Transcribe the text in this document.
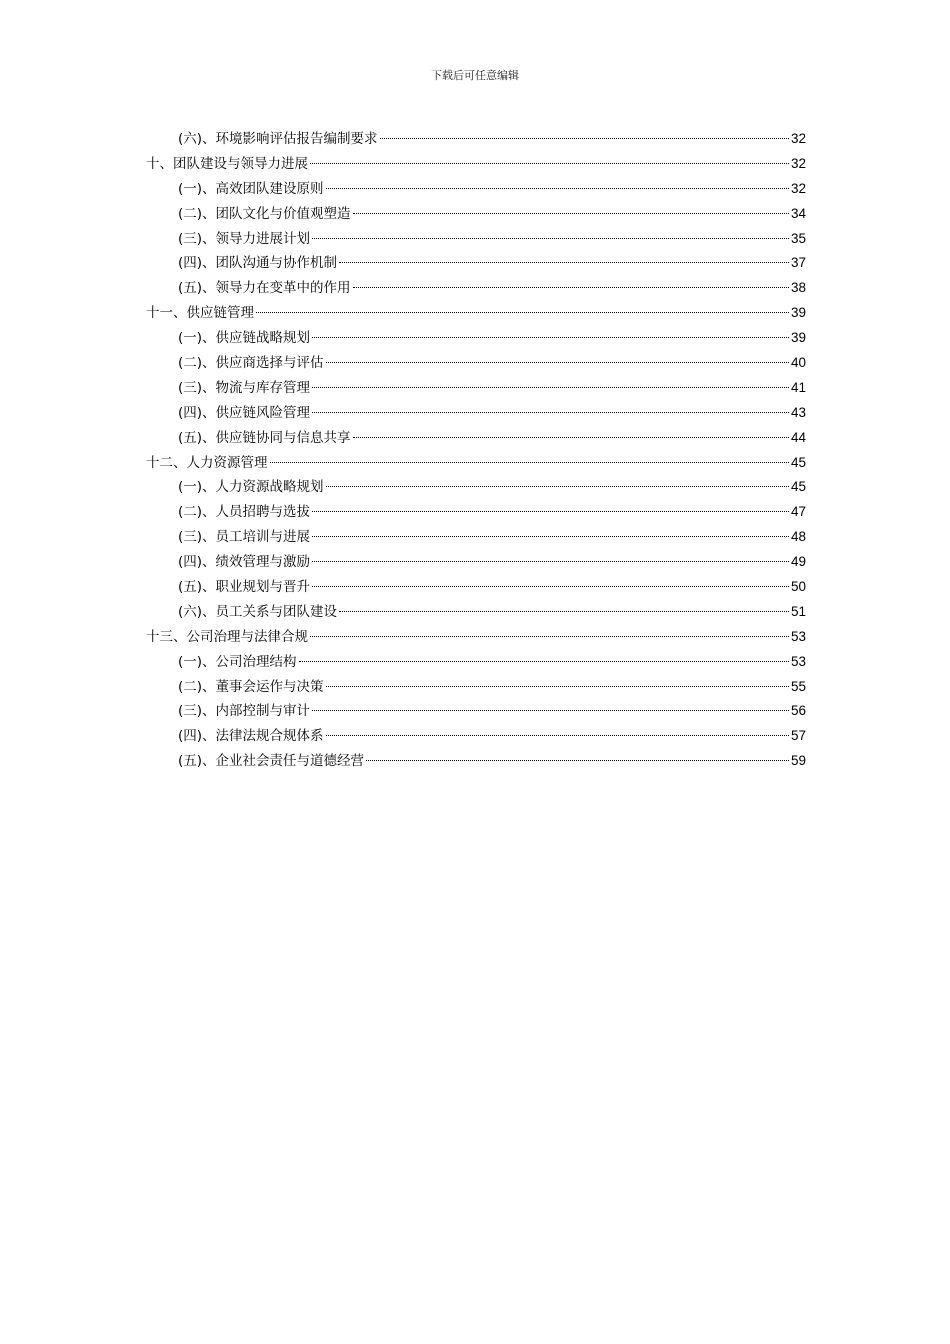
下载后可任意编辑
(六)、环境影响评估报告编制要求	32
十、团队建设与领导力进展	32
(一)、高效团队建设原则	32
(二)、团队文化与价值观塑造	34
(三)、领导力进展计划	35
(四)、团队沟通与协作机制	37
(五)、领导力在变革中的作用	38
十一、供应链管理	39
(一)、供应链战略规划	39
(二)、供应商选择与评估	40
(三)、物流与库存管理	41
(四)、供应链风险管理	43
(五)、供应链协同与信息共享	44
十二、人力资源管理	45
(一)、人力资源战略规划	45
(二)、人员招聘与选拔	47
(三)、员工培训与进展	48
(四)、绩效管理与激励	49
(五)、职业规划与晋升	50
(六)、员工关系与团队建设	51
十三、公司治理与法律合规	53
(一)、公司治理结构	53
(二)、董事会运作与决策	55
(三)、内部控制与审计	56
(四)、法律法规合规体系	57
(五)、企业社会责任与道德经营	59
